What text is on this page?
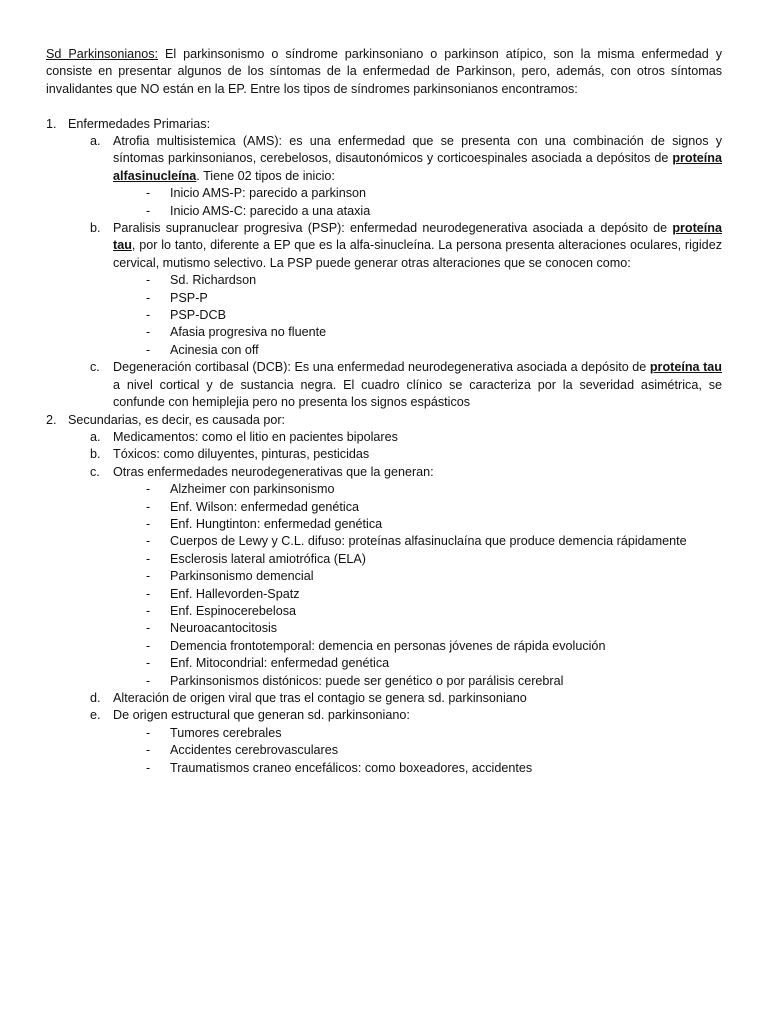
Sd Parkinsonianos: El parkinsonismo o síndrome parkinsoniano o parkinson atípico, son la misma enfermedad y consiste en presentar algunos de los síntomas de la enfermedad de Parkinson, pero, además, con otros síntomas invalidantes que NO están en la EP. Entre los tipos de síndromes parkinsonianos encontramos:

1. Enfermedades Primarias:
a. Atrofia multisistemica (AMS): es una enfermedad que se presenta con una combinación de signos y síntomas parkinsonianos, cerebelosos, disautonómicos y corticoespinales asociada a depósitos de proteína alfasinucleína. Tiene 02 tipos de inicio:
- Inicio AMS-P: parecido a parkinson
- Inicio AMS-C: parecido a una ataxia
b. Paralisis supranuclear progresiva (PSP): enfermedad neurodegenerativa asociada a depósito de proteína tau, por lo tanto, diferente a EP que es la alfa-sinucleína. La persona presenta alteraciones oculares, rigidez cervical, mutismo selectivo. La PSP puede generar otras alteraciones que se conocen como:
- Sd. Richardson
- PSP-P
- PSP-DCB
- Afasia progresiva no fluente
- Acinesia con off
c. Degeneración cortibasal (DCB): Es una enfermedad neurodegenerativa asociada a depósito de proteína tau a nivel cortical y de sustancia negra. El cuadro clínico se caracteriza por la severidad asimétrica, se confunde con hemiplejia pero no presenta los signos espásticos
2. Secundarias, es decir, es causada por:
a. Medicamentos: como el litio en pacientes bipolares
b. Tóxicos: como diluyentes, pinturas, pesticidas
c. Otras enfermedades neurodegenerativas que la generan:
- Alzheimer con parkinsonismo
- Enf. Wilson: enfermedad genética
- Enf. Hungtinton: enfermedad genética
- Cuerpos de Lewy y C.L. difuso: proteínas alfasinuclaína que produce demencia rápidamente
- Esclerosis lateral amiotrófica (ELA)
- Parkinsonismo demencial
- Enf. Hallevorden-Spatz
- Enf. Espinocerebelosa
- Neuroacantocitosis
- Demencia frontotemporal: demencia en personas jóvenes de rápida evolución
- Enf. Mitocondrial: enfermedad genética
- Parkinsonismos distónicos: puede ser genético o por parálisis cerebral
d. Alteración de origen viral que tras el contagio se genera sd. parkinsoniano
e. De origen estructural que generan sd. parkinsoniano:
- Tumores cerebrales
- Accidentes cerebrovasculares
- Traumatismos craneo encefálicos: como boxeadores, accidentes
